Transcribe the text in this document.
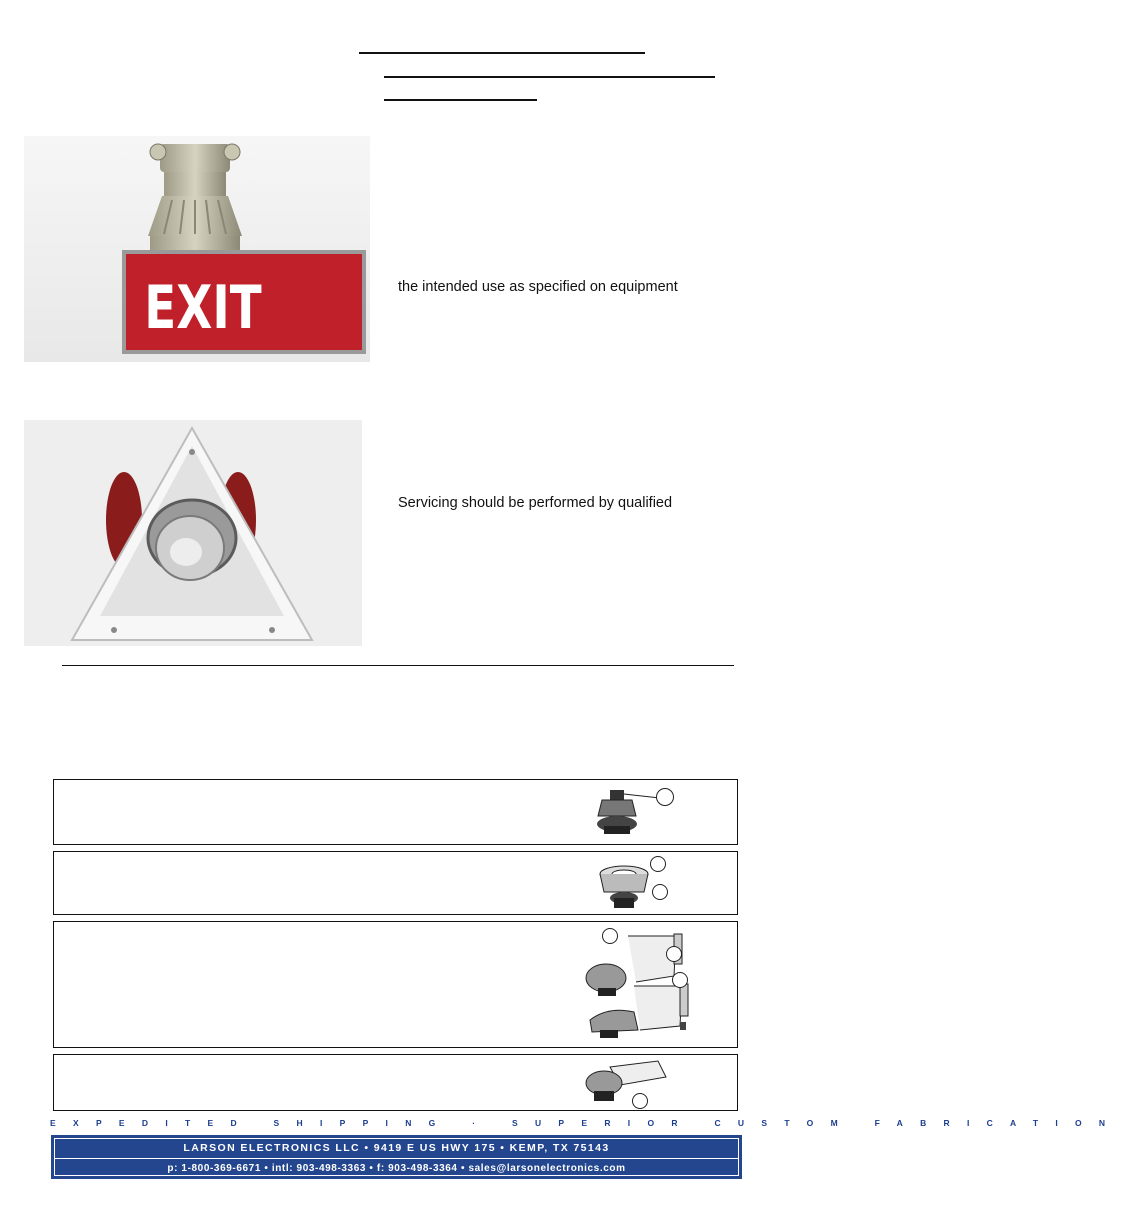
EXIT	the intended use as specified on equipment
Servicing should be performed by qualified
EXPEDITED SHIPPING · SUPERIOR CUSTOM FABRICATION
LARSON ELECTRONICS LLC • 9419 E US HWY 175 • KEMP, TX 75143
p: 1-800-369-6671 • intl: 903-498-3363 • f: 903-498-3364 • sales@larsonelectronics.com
